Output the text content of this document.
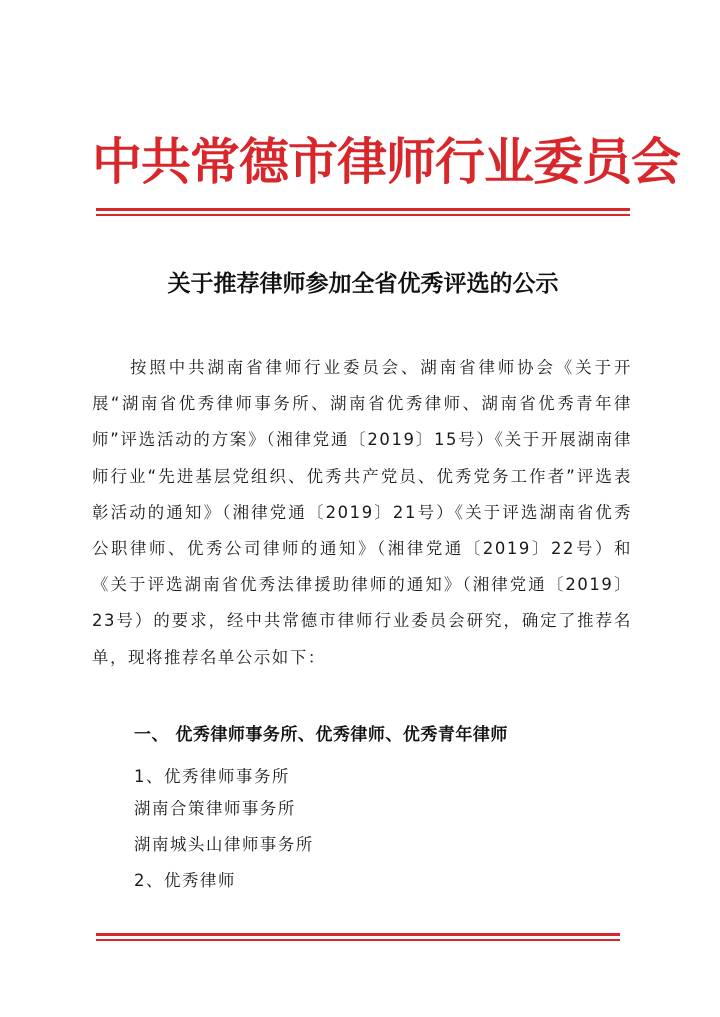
中共常德市律师行业委员会
关于推荐律师参加全省优秀评选的公示
按照中共湖南省律师行业委员会、湖南省律师协会《关于开展“湖南省优秀律师事务所、湖南省优秀律师、湖南省优秀青年律师”评选活动的方案》（湘律党通〔2019〕15号）《关于开展湖南律师行业“先进基层党组织、优秀共产党员、优秀党务工作者”评选表彰活动的通知》（湘律党通〔2019〕21号）《关于评选湖南省优秀公职律师、优秀公司律师的通知》（湘律党通〔2019〕22号）和《关于评选湖南省优秀法律援助律师的通知》（湘律党通〔2019〕23号）的要求，经中共常德市律师行业委员会研究，确定了推荐名单，现将推荐名单公示如下：
一、 优秀律师事务所、优秀律师、优秀青年律师
1、优秀律师事务所
湖南合策律师事务所
湖南城头山律师事务所
2、优秀律师
